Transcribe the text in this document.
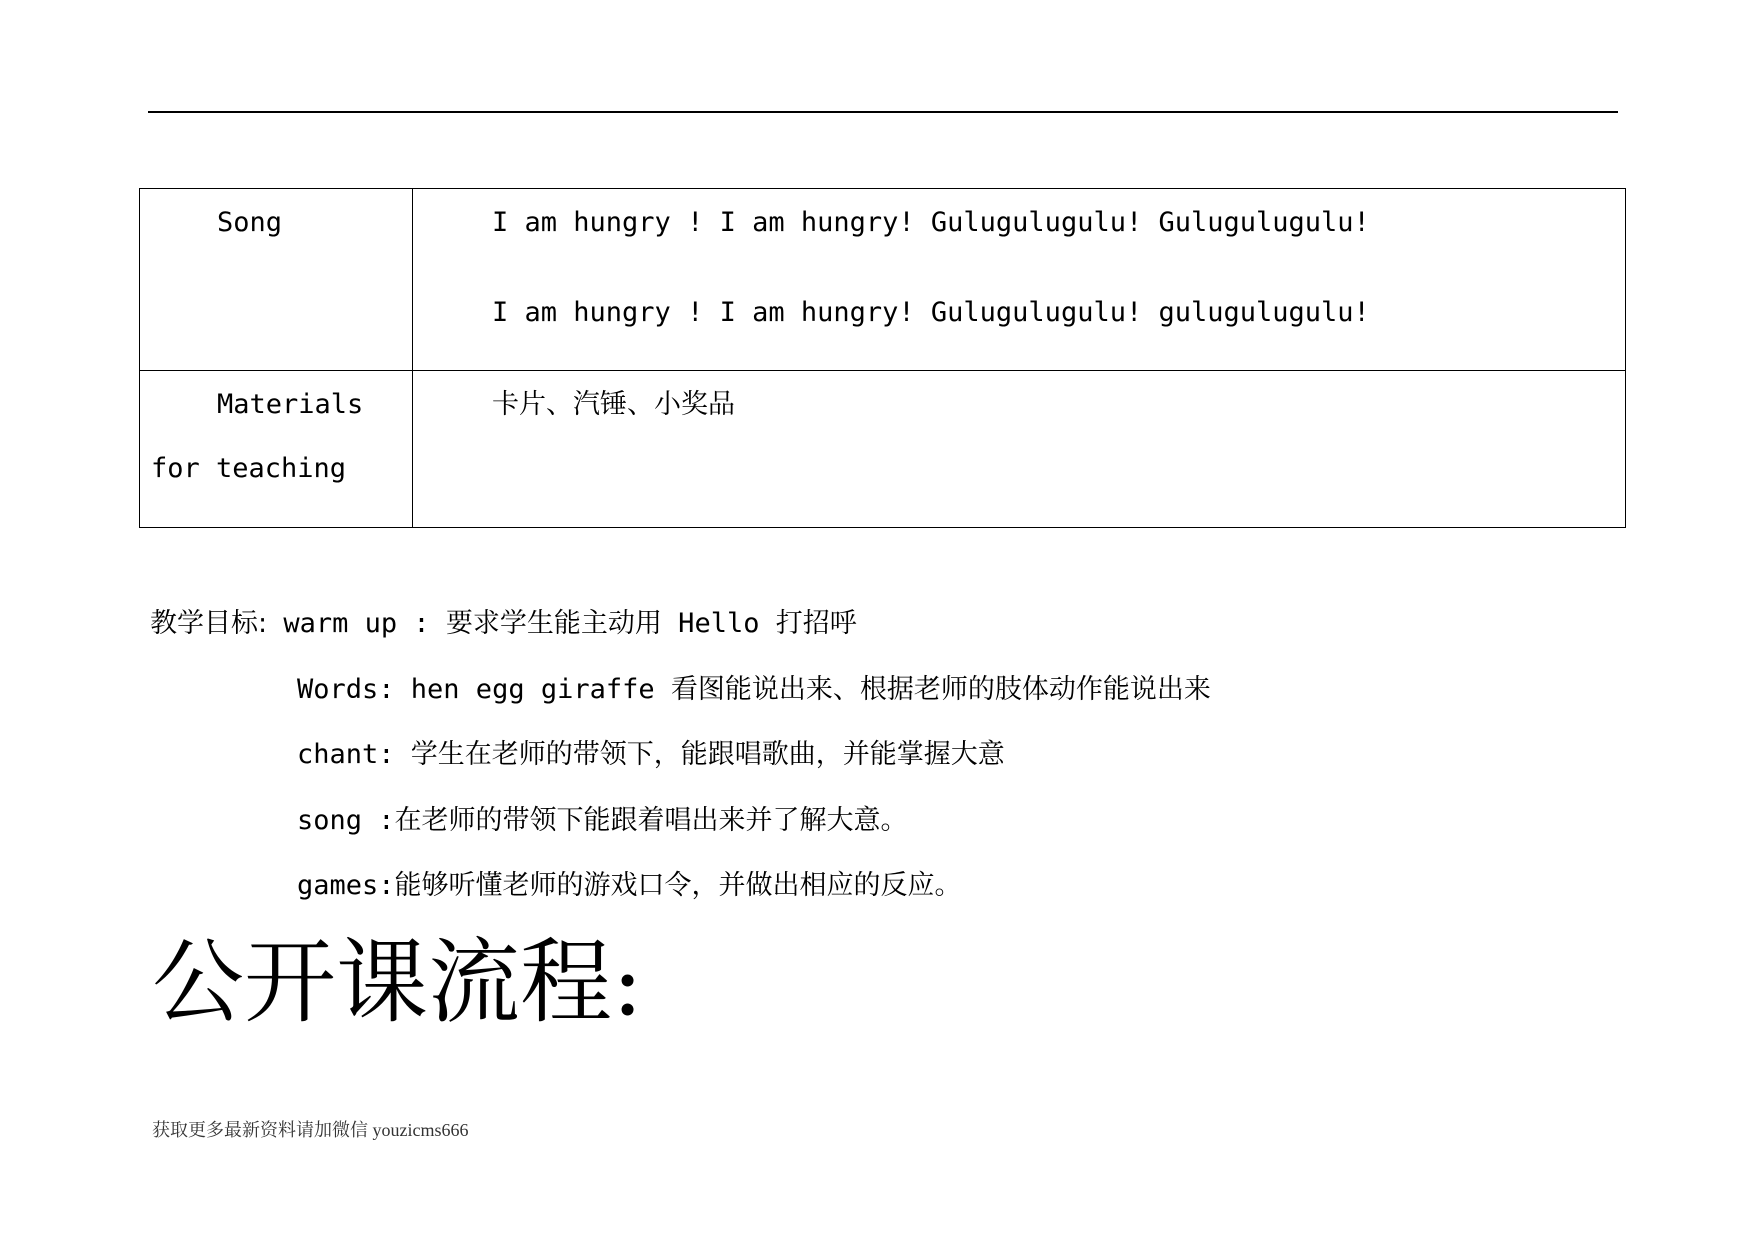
Song	I am hungry ! I am hungry! Gulugulugulu! Gulugulugulu!
I am hungry ! I am hungry! Gulugulugulu! gulugulugulu!

Materials
for teaching	卡片、汽锤、小奖品
教学目标: warm up : 要求学生能主动用 Hello 打招呼
Words: hen egg giraffe 看图能说出来、根据老师的肢体动作能说出来
chant: 学生在老师的带领下，能跟唱歌曲，并能掌握大意
song :在老师的带领下能跟着唱出来并了解大意。
games:能够听懂老师的游戏口令，并做出相应的反应。
公开课流程:
获取更多最新资料请加微信 youzicms666
